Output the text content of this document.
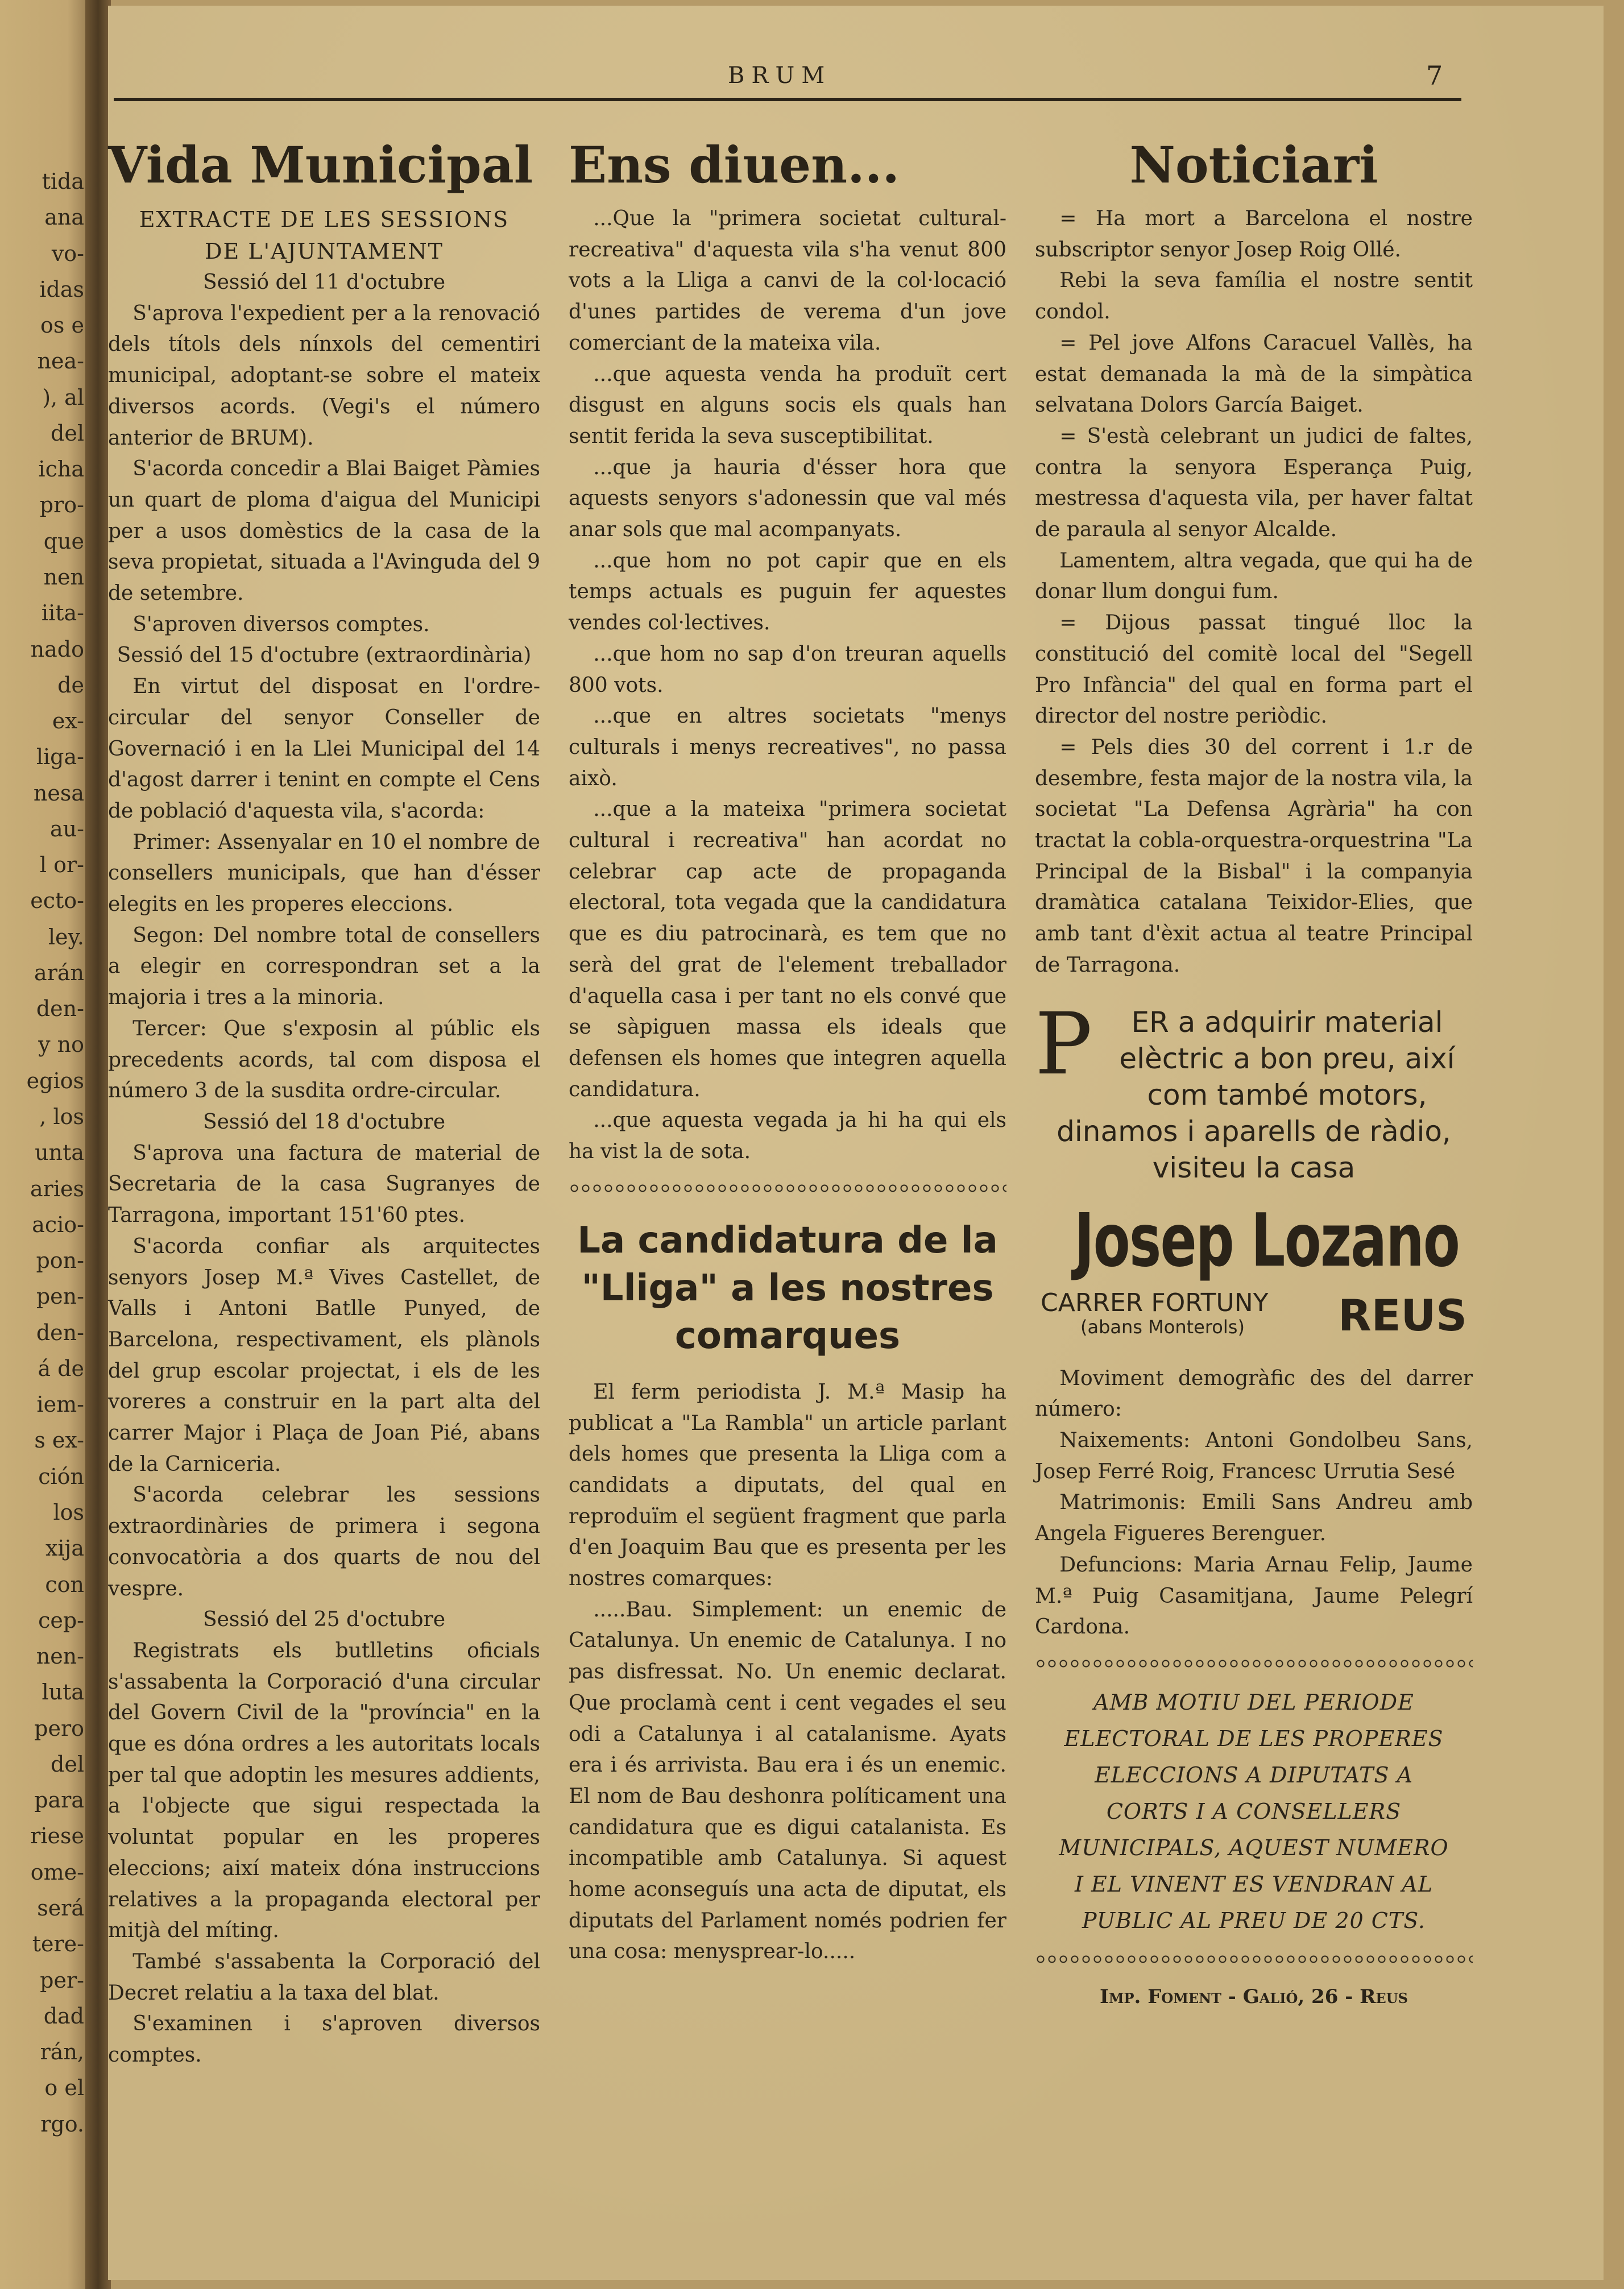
tida
ana
vo-
idas
os e
nea-
), al
del
icha
pro-
que
nen
iita-
nado
de
ex-
liga-
nesa
au-
l or-
ecto-
ley.
arán
den-
y no
egios
, los
unta
aries
acio-
pon-
pen-
den-
á de
iem-
s ex-
ción
los
xija
con
cep-
nen-
luta
pero
del
para
riese
ome-
será
tere-
per-
dad
rán,
o el
rgo.
BRUM	7
Vida Municipal

EXTRACTE DE LES SESSIONS

DE L'AJUNTAMENT

Sessió del 11 d'octubre

S'aprova l'expedient per a la renovació dels títols dels nínxols del cementiri municipal, adoptant-se sobre el mateix diversos acords. (Vegi's el número anterior de BRUM).

S'acorda concedir a Blai Baiget Pàmies un quart de ploma d'aigua del Municipi per a usos domèstics de la casa de la seva propietat, situada a l'Avinguda del 9 de setembre.

S'aproven diversos comptes.

Sessió del 15 d'octubre (extraordinària)

En virtut del disposat en l'ordre-circular del senyor Conseller de Governació i en la Llei Municipal del 14 d'agost darrer i tenint en compte el Cens de població d'aquesta vila, s'acorda:

Primer: Assenyalar en 10 el nombre de consellers municipals, que han d'ésser elegits en les properes eleccions.

Segon: Del nombre total de consellers a elegir en correspondran set a la majoria i tres a la minoria.

Tercer: Que s'exposin al públic els precedents acords, tal com disposa el número 3 de la susdita ordre-circular.

Sessió del 18 d'octubre

S'aprova una factura de material de Secretaria de la casa Sugranyes de Tarragona, important 151'60 ptes.

S'acorda confiar als arquitectes senyors Josep M.ª Vives Castellet, de Valls i Antoni Batlle Punyed, de Barcelona, respectivament, els plànols del grup escolar projectat, i els de les voreres a construir en la part alta del carrer Major i Plaça de Joan Pié, abans de la Carniceria.

S'acorda celebrar les sessions extraordinàries de primera i segona convocatòria a dos quarts de nou del vespre.

Sessió del 25 d'octubre

Registrats els butlletins oficials s'assabenta la Corporació d'una circular del Govern Civil de la "província" en la que es dóna ordres a les autoritats locals per tal que adoptin les mesures addients, a l'objecte que sigui respectada la voluntat popular en les properes eleccions; així mateix dóna instruccions relatives a la propaganda electoral per mitjà del míting.

També s'assabenta la Corporació del Decret relatiu a la taxa del blat.

S'examinen i s'aproven diversos comptes.

Ens diuen...

...Que la "primera societat cultural-recreativa" d'aquesta vila s'ha venut 800 vots a la Lliga a canvi de la col·locació d'unes partides de verema d'un jove comerciant de la mateixa vila.

...que aquesta venda ha produït cert disgust en alguns socis els quals han sentit ferida la seva susceptibilitat.

...que ja hauria d'ésser hora que aquests senyors s'adonessin que val més anar sols que mal acompanyats.

...que hom no pot capir que en els temps actuals es puguin fer aquestes vendes col·lectives.

...que hom no sap d'on treuran aquells 800 vots.

...que en altres societats "menys culturals i menys recreatives", no passa això.

...que a la mateixa "primera societat cultural i recreativa" han acordat no celebrar cap acte de propaganda electoral, tota vegada que la candidatura que es diu patrocinarà, es tem que no serà del grat de l'element treballador d'aquella casa i per tant no els convé que se sàpiguen massa els ideals que defensen els homes que integren aquella candidatura.

...que aquesta vegada ja hi ha qui els ha vist la de sota.

La candidatura de la "Lliga" a les nostres comarques

El ferm periodista J. M.ª Masip ha publicat a "La Rambla" un article parlant dels homes que presenta la Lliga com a candidats a diputats, del qual en reproduïm el següent fragment que parla d'en Joaquim Bau que es presenta per les nostres comarques:

.....Bau. Simplement: un enemic de Catalunya. Un enemic de Catalunya. I no pas disfressat. No. Un enemic declarat. Que proclamà cent i cent vegades el seu odi a Catalunya i al catalanisme. Ayats era i és arrivista. Bau era i és un enemic. El nom de Bau deshonra políticament una candidatura que es digui catalanista. Es incompatible amb Catalunya. Si aquest home aconseguís una acta de diputat, els diputats del Parlament només podrien fer una cosa: menysprear-lo.....

Noticiari

= Ha mort a Barcelona el nostre subscriptor senyor Josep Roig Ollé.

Rebi la seva família el nostre sentit condol.

= Pel jove Alfons Caracuel Vallès, ha estat demanada la mà de la simpàtica selvatana Dolors García Baiget.

= S'està celebrant un judici de faltes, contra la senyora Esperança Puig, mestressa d'aquesta vila, per haver faltat de paraula al senyor Alcalde.

Lamentem, altra vegada, que qui ha de donar llum dongui fum.

= Dijous passat tingué lloc la constitució del comitè local del "Segell Pro Infància" del qual en forma part el director del nostre periòdic.

= Pels dies 30 del corrent i 1.r de desembre, festa major de la nostra vila, la societat "La Defensa Agrària" ha con tractat la cobla-orquestra-orquestrina "La Principal de la Bisbal" i la companyia dramàtica catalana Teixidor-Elies, que amb tant d'èxit actua al teatre Principal de Tarragona.

P ER a adquirir material elèctric a bon preu, així com també motors, dinamos i aparells de ràdio, visiteu la casa
Josep Lozano
CARRER FORTUNY
(abans Monterols) REUS

Moviment demogràfic des del darrer número:

Naixements: Antoni Gondolbeu Sans, Josep Ferré Roig, Francesc Urrutia Sesé

Matrimonis: Emili Sans Andreu amb Angela Figueres Berenguer.

Defuncions: Maria Arnau Felip, Jaume M.ª Puig Casamitjana, Jaume Pelegrí Cardona.

AMB MOTIU DEL PERIODE ELECTORAL DE LES PROPERES ELECCIONS A DIPUTATS A CORTS I A CONSELLERS MUNICIPALS, AQUEST NUMERO I EL VINENT ES VENDRAN AL PUBLIC AL PREU DE 20 CTS.
Imp. Foment - Galió, 26 - Reus
